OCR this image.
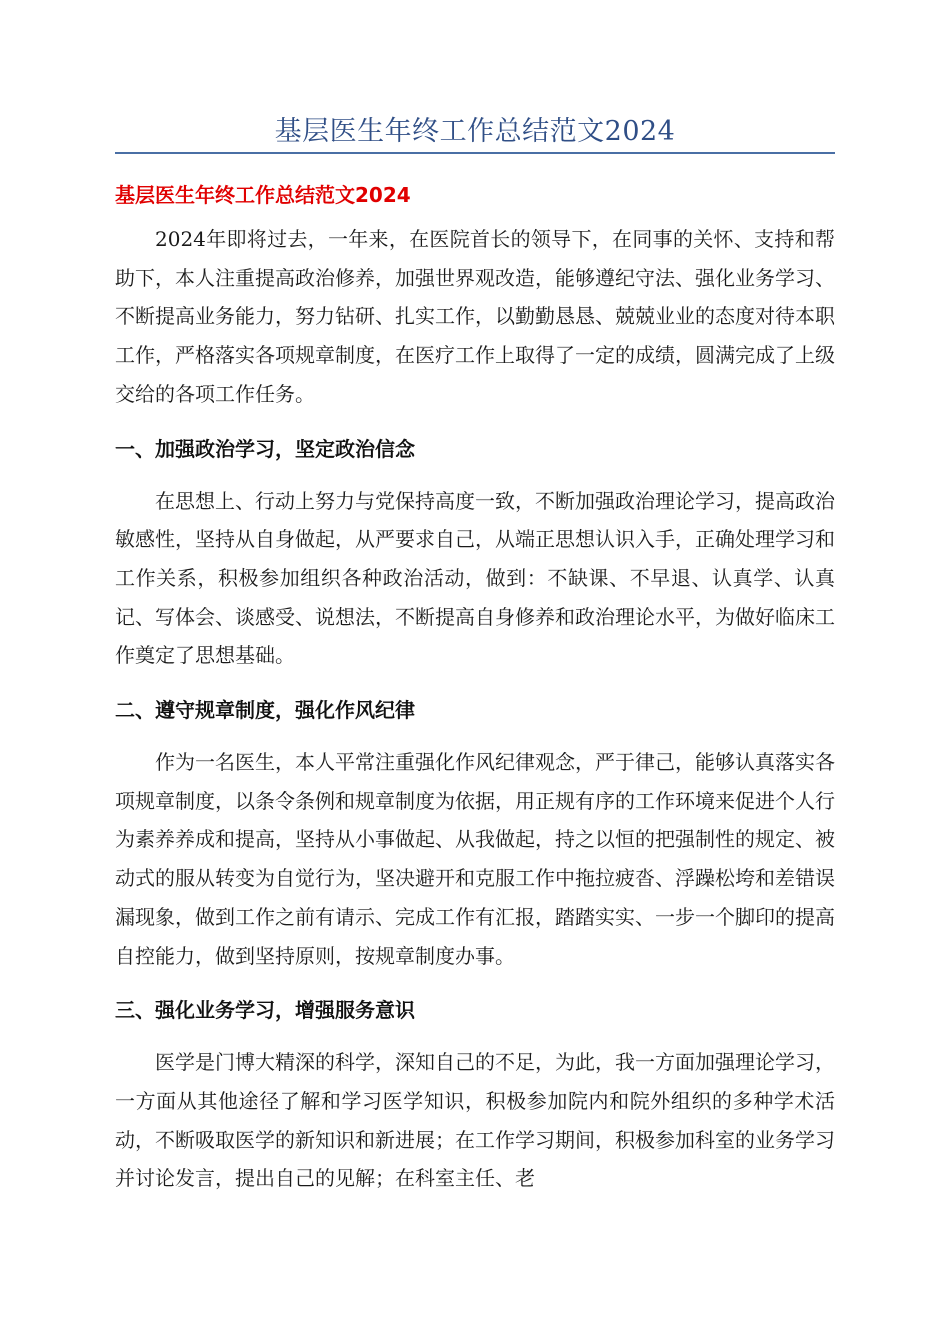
基层医生年终工作总结范文2024
基层医生年终工作总结范文2024

2024年即将过去，一年来，在医院首长的领导下，在同事的关怀、支持和帮助下，本人注重提高政治修养，加强世界观改造，能够遵纪守法、强化业务学习、不断提高业务能力，努力钻研、扎实工作，以勤勤恳恳、兢兢业业的态度对待本职工作，严格落实各项规章制度，在医疗工作上取得了一定的成绩，圆满完成了上级交给的各项工作任务。

一、加强政治学习，坚定政治信念

在思想上、行动上努力与党保持高度一致，不断加强政治理论学习，提高政治敏感性，坚持从自身做起，从严要求自己，从端正思想认识入手，正确处理学习和工作关系，积极参加组织各种政治活动，做到：不缺课、不早退、认真学、认真记、写体会、谈感受、说想法，不断提高自身修养和政治理论水平，为做好临床工作奠定了思想基础。

二、遵守规章制度，强化作风纪律

作为一名医生，本人平常注重强化作风纪律观念，严于律己，能够认真落实各项规章制度，以条令条例和规章制度为依据，用正规有序的工作环境来促进个人行为素养养成和提高，坚持从小事做起、从我做起，持之以恒的把强制性的规定、被动式的服从转变为自觉行为，坚决避开和克服工作中拖拉疲沓、浮躁松垮和差错误漏现象，做到工作之前有请示、完成工作有汇报，踏踏实实、一步一个脚印的提高自控能力，做到坚持原则，按规章制度办事。

三、强化业务学习，增强服务意识

医学是门博大精深的科学，深知自己的不足，为此，我一方面加强理论学习，一方面从其他途径了解和学习医学知识，积极参加院内和院外组织的多种学术活动，不断吸取医学的新知识和新进展；在工作学习期间，积极参加科室的业务学习并讨论发言，提出自己的见解；在科室主任、老
